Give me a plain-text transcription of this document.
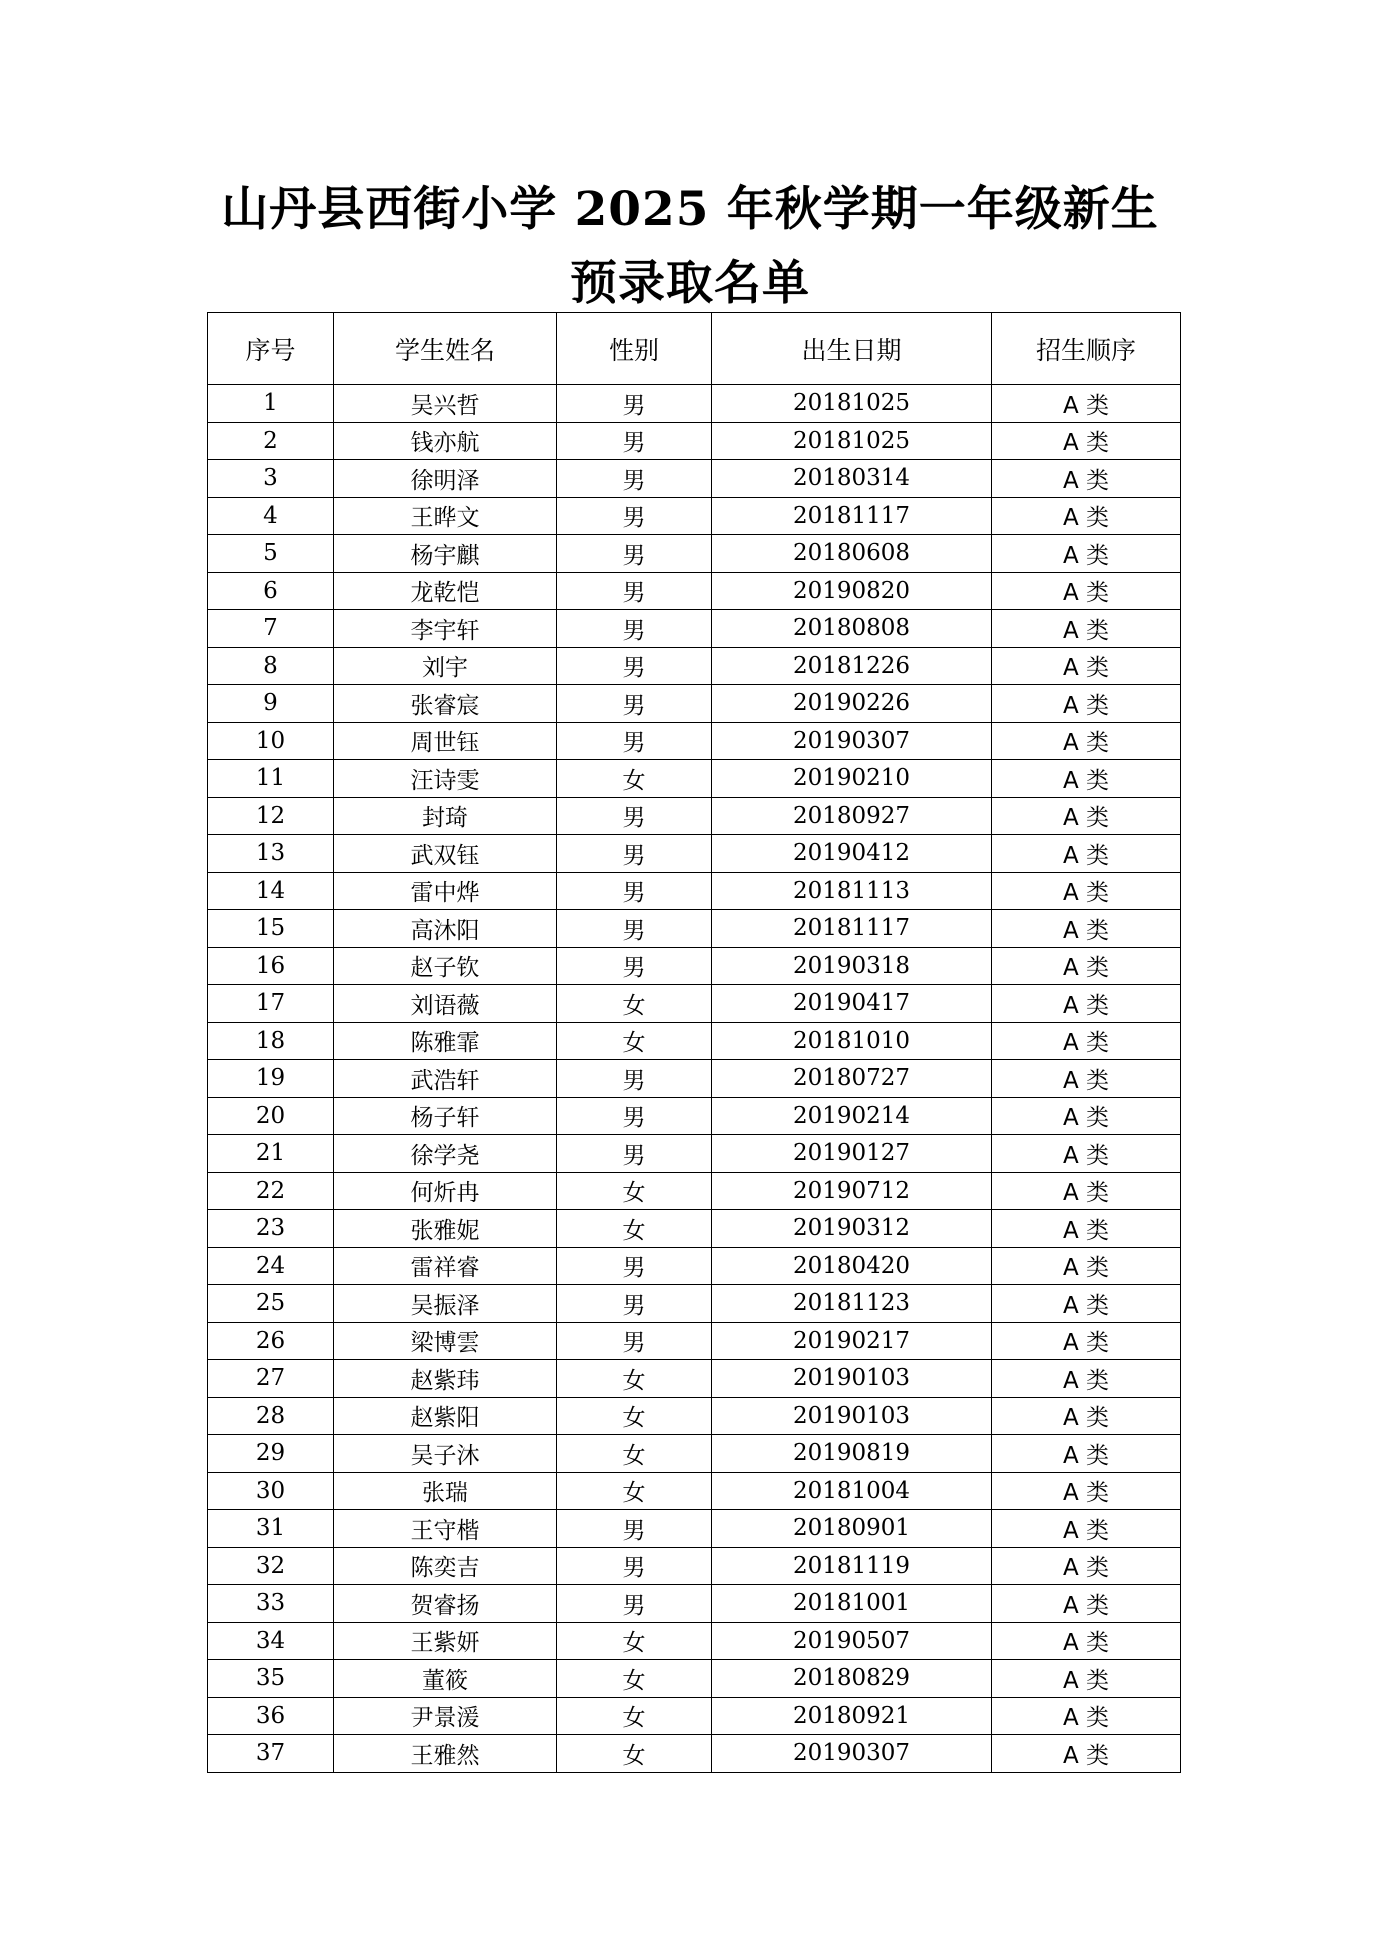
山丹县西街小学 2025 年秋学期一年级新生
预录取名单
序号	学生姓名	性别	出生日期	招生顺序
1	吴兴哲	男	20181025	A 类
2	钱亦航	男	20181025	A 类
3	徐明泽	男	20180314	A 类
4	王晔文	男	20181117	A 类
5	杨宇麒	男	20180608	A 类
6	龙乾恺	男	20190820	A 类
7	李宇轩	男	20180808	A 类
8	刘宇	男	20181226	A 类
9	张睿宸	男	20190226	A 类
10	周世钰	男	20190307	A 类
11	汪诗雯	女	20190210	A 类
12	封琦	男	20180927	A 类
13	武双钰	男	20190412	A 类
14	雷中烨	男	20181113	A 类
15	高沐阳	男	20181117	A 类
16	赵子钦	男	20190318	A 类
17	刘语薇	女	20190417	A 类
18	陈雅霏	女	20181010	A 类
19	武浩轩	男	20180727	A 类
20	杨子轩	男	20190214	A 类
21	徐学尧	男	20190127	A 类
22	何炘冉	女	20190712	A 类
23	张雅妮	女	20190312	A 类
24	雷祥睿	男	20180420	A 类
25	吴振泽	男	20181123	A 类
26	梁博雲	男	20190217	A 类
27	赵紫玮	女	20190103	A 类
28	赵紫阳	女	20190103	A 类
29	吴子沐	女	20190819	A 类
30	张瑞	女	20181004	A 类
31	王守楷	男	20180901	A 类
32	陈奕吉	男	20181119	A 类
33	贺睿扬	男	20181001	A 类
34	王紫妍	女	20190507	A 类
35	董筱	女	20180829	A 类
36	尹景湲	女	20180921	A 类
37	王雅然	女	20190307	A 类
